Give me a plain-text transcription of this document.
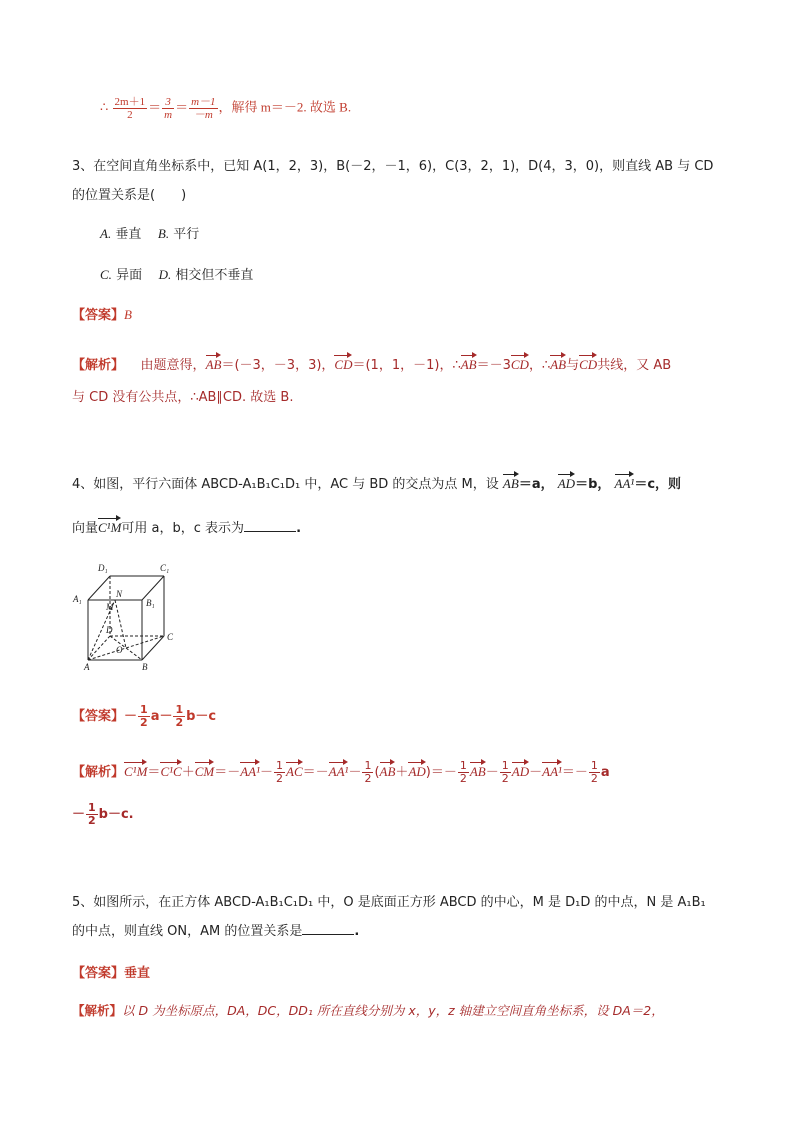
∴ $\frac{2m+1}{2} = \frac{3}{m} = \frac{m-1}{-m}$ ，解得 m＝－2. 故选 B.
3、在空间直角坐标系中，已知 A(1，2，3)，B(－2，－1，6)，C(3，2，1)，D(4，3，0)，则直线 AB 与 CD
的位置关系是(　　)
A. 垂直 B. 平行
C. 异面 D. 相交但不垂直
【答案】B
【解析】 由题意得，AB＝(－3，－3，3)，CD＝(1，1，－1)，∴AB＝－3CD，∴AB与CD共线，又 AB
与 CD 没有公共点，∴AB∥CD. 故选 B.
4、如图，平行六面体 ABCD-A₁B₁C₁D₁ 中，AC 与 BD 的交点为点 M，设 AB＝a， AD＝b， AA¹＝c，则
向量C¹M可用 a，b，c 表示为	.
D₁	C₁
A₁	B₁
N
M
D
C
O
A	B
【答案】－ $\frac{1}{2} a- \frac{1}{2} b-c$
【解析】$C^1M=C^1C+CM=-AA^1- \frac{1}{2} AC=-AA^1- \frac{1}{2} (AB+AD)=- \frac{1}{2} AB- \frac{1}{2} AD-AA^1=- \frac{1}{2}$ a
－ $\frac{1}{2} b-c$.
5、如图所示，在正方体 ABCD-A₁B₁C₁D₁ 中，O 是底面正方形 ABCD 的中心，M 是 D₁D 的中点，N 是 A₁B₁
的中点，则直线 ON，AM 的位置关系是	.
【答案】垂直
【解析】以 D 为坐标原点，DA，DC，DD₁ 所在直线分别为 x，y，z 轴建立空间直角坐标系，设 DA＝2，
